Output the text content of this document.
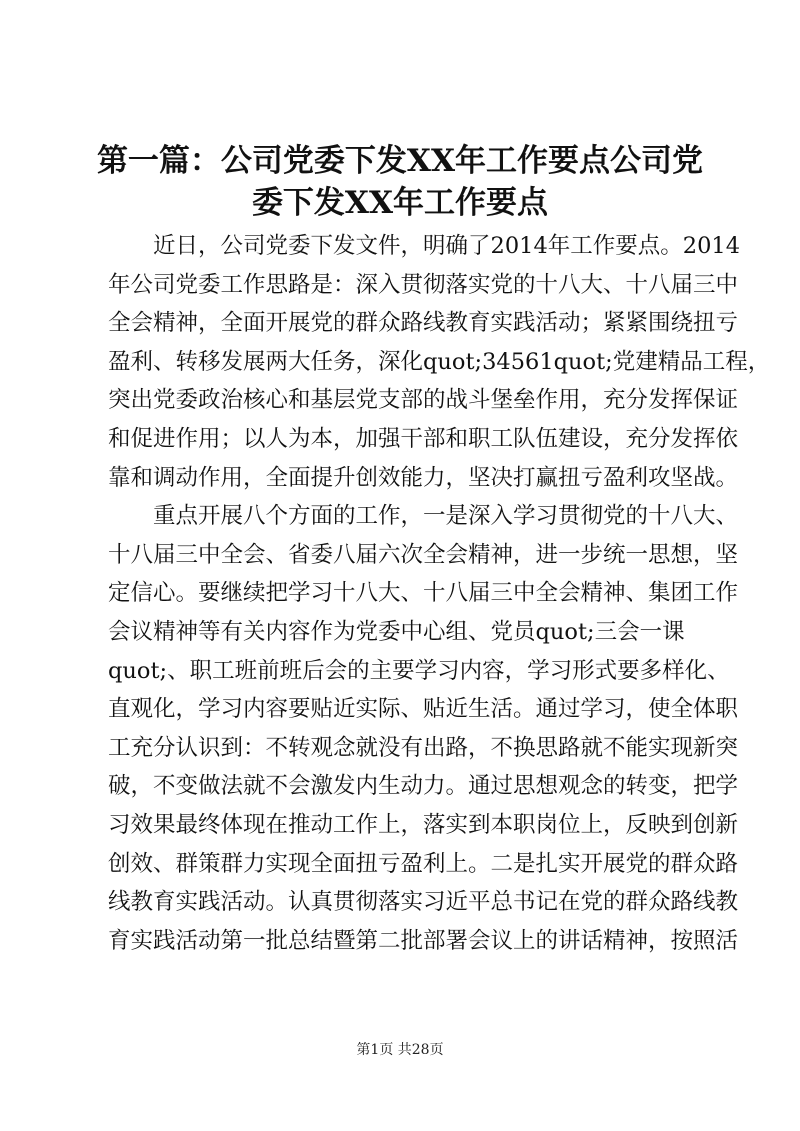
第一篇：公司党委下发XX年工作要点公司党
委下发XX年工作要点
近日，公司党委下发文件，明确了2014年工作要点。2014
年公司党委工作思路是：深入贯彻落实党的十八大、十八届三中
全会精神，全面开展党的群众路线教育实践活动；紧紧围绕扭亏
盈利、转移发展两大任务，深化quot;34561quot;党建精品工程，
突出党委政治核心和基层党支部的战斗堡垒作用，充分发挥保证
和促进作用；以人为本，加强干部和职工队伍建设，充分发挥依
靠和调动作用，全面提升创效能力，坚决打赢扭亏盈利攻坚战。
重点开展八个方面的工作，一是深入学习贯彻党的十八大、
十八届三中全会、省委八届六次全会精神，进一步统一思想，坚
定信心。要继续把学习十八大、十八届三中全会精神、集团工作
会议精神等有关内容作为党委中心组、党员quot;三会一课
quot;、职工班前班后会的主要学习内容，学习形式要多样化、
直观化，学习内容要贴近实际、贴近生活。通过学习，使全体职
工充分认识到：不转观念就没有出路，不换思路就不能实现新突
破，不变做法就不会激发内生动力。通过思想观念的转变，把学
习效果最终体现在推动工作上，落实到本职岗位上，反映到创新
创效、群策群力实现全面扭亏盈利上。二是扎实开展党的群众路
线教育实践活动。认真贯彻落实习近平总书记在党的群众路线教
育实践活动第一批总结暨第二批部署会议上的讲话精神，按照活
第1页 共28页
